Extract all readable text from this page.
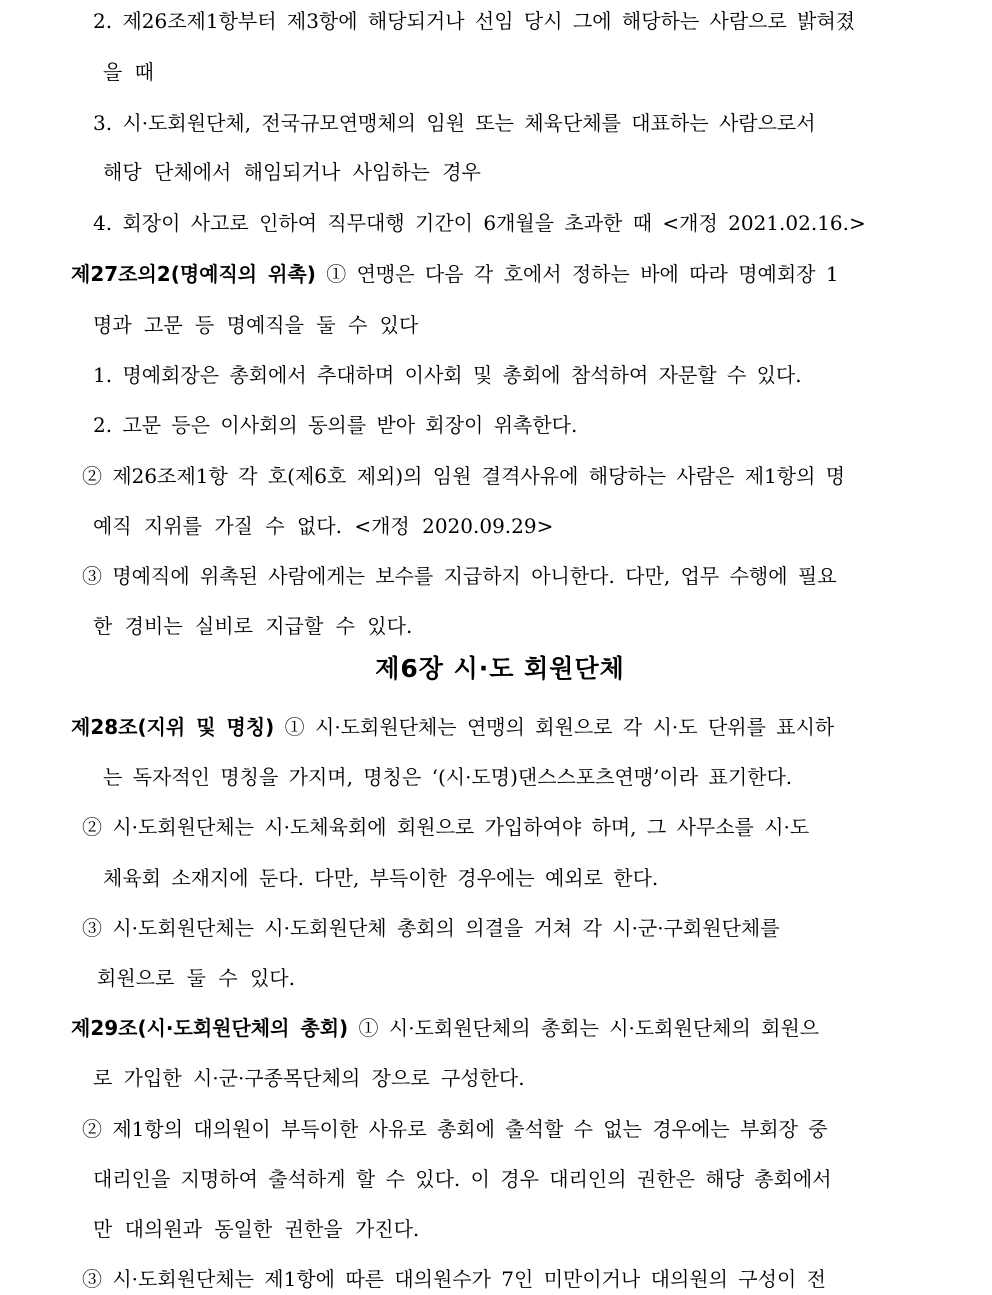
2. 제26조제1항부터 제3항에 해당되거나 선임 당시 그에 해당하는 사람으로 밝혀졌
을 때
3. 시·도회원단체, 전국규모연맹체의 임원 또는 체육단체를 대표하는 사람으로서
해당 단체에서 해임되거나 사임하는 경우
4. 회장이 사고로 인하여 직무대행 기간이 6개월을 초과한 때 <개정 2021.02.16.>
제27조의2(명예직의 위촉) ① 연맹은 다음 각 호에서 정하는 바에 따라 명예회장 1
명과 고문 등 명예직을 둘 수 있다
1. 명예회장은 총회에서 추대하며 이사회 및 총회에 참석하여 자문할 수 있다.
2. 고문 등은 이사회의 동의를 받아 회장이 위촉한다.
② 제26조제1항 각 호(제6호 제외)의 임원 결격사유에 해당하는 사람은 제1항의 명
예직 지위를 가질 수 없다. <개정 2020.09.29>
③ 명예직에 위촉된 사람에게는 보수를 지급하지 아니한다. 다만, 업무 수행에 필요
한 경비는 실비로 지급할 수 있다.
제6장 시·도 회원단체
제28조(지위 및 명칭) ① 시·도회원단체는 연맹의 회원으로 각 시·도 단위를 표시하
는 독자적인 명칭을 가지며, 명칭은 ‘(시·도명)댄스스포츠연맹’이라 표기한다.
② 시·도회원단체는 시·도체육회에 회원으로 가입하여야 하며, 그 사무소를 시·도
체육회 소재지에 둔다. 다만, 부득이한 경우에는 예외로 한다.
③ 시·도회원단체는 시·도회원단체 총회의 의결을 거쳐 각 시·군·구회원단체를
회원으로 둘 수 있다.
제29조(시·도회원단체의 총회) ① 시·도회원단체의 총회는 시·도회원단체의 회원으
로 가입한 시·군·구종목단체의 장으로 구성한다.
② 제1항의 대의원이 부득이한 사유로 총회에 출석할 수 없는 경우에는 부회장 중
대리인을 지명하여 출석하게 할 수 있다. 이 경우 대리인의 권한은 해당 총회에서
만 대의원과 동일한 권한을 가진다.
③ 시·도회원단체는 제1항에 따른 대의원수가 7인 미만이거나 대의원의 구성이 전
